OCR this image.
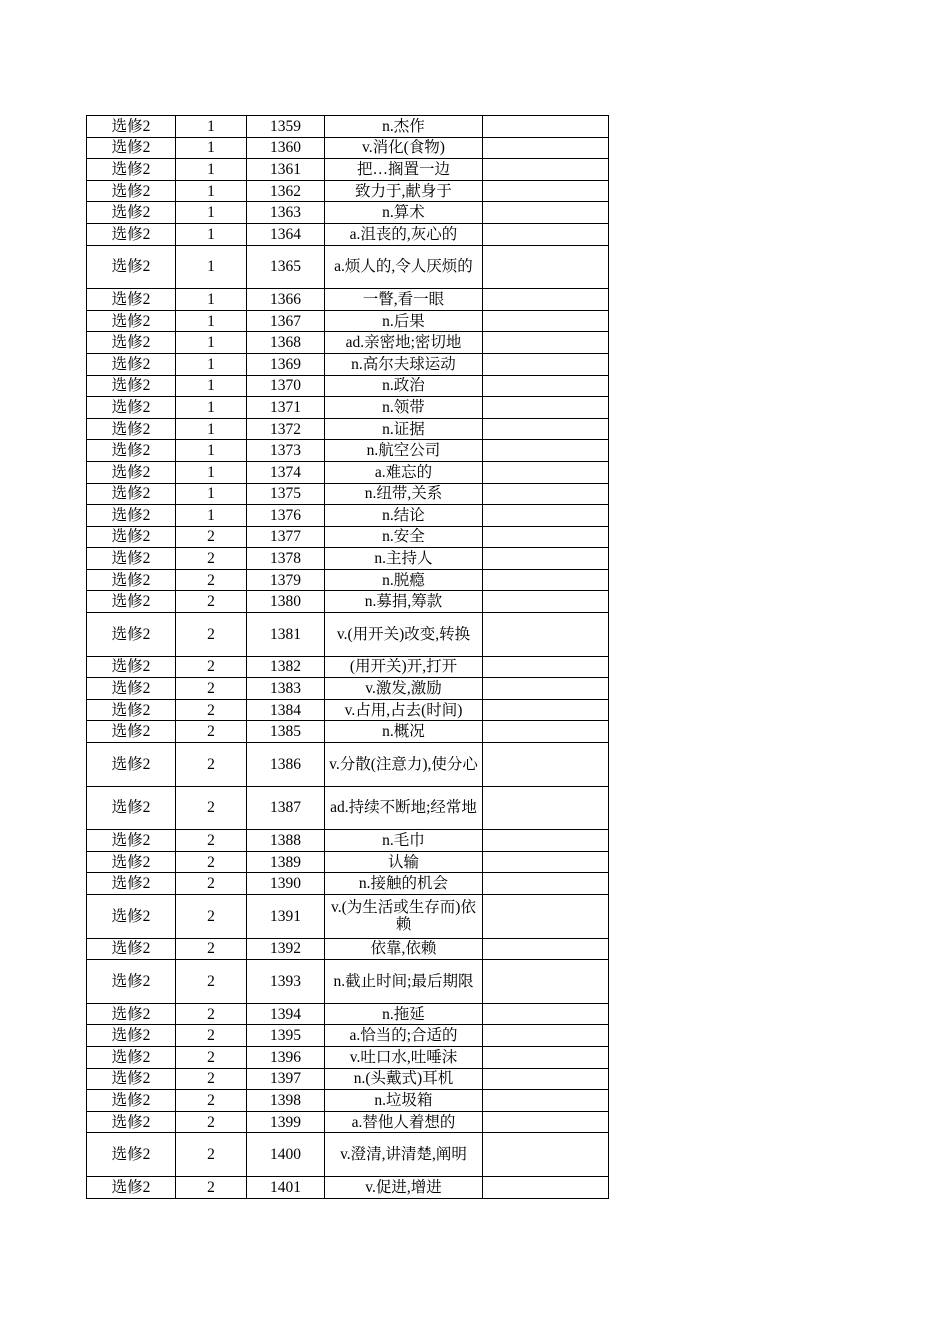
选修2	1	1359	n.杰作	
选修2	1	1360	v.消化(食物)	
选修2	1	1361	把…搁置一边	
选修2	1	1362	致力于,献身于	
选修2	1	1363	n.算术	
选修2	1	1364	a.沮丧的,灰心的	
选修2	1	1365	a.烦人的,令人厌烦的	
选修2	1	1366	一瞥,看一眼	
选修2	1	1367	n.后果	
选修2	1	1368	ad.亲密地;密切地	
选修2	1	1369	n.高尔夫球运动	
选修2	1	1370	n.政治	
选修2	1	1371	n.领带	
选修2	1	1372	n.证据	
选修2	1	1373	n.航空公司	
选修2	1	1374	a.难忘的	
选修2	1	1375	n.纽带,关系	
选修2	1	1376	n.结论	
选修2	2	1377	n.安全	
选修2	2	1378	n.主持人	
选修2	2	1379	n.脱瘾	
选修2	2	1380	n.募捐,筹款	
选修2	2	1381	v.(用开关)改变,转换	
选修2	2	1382	(用开关)开,打开	
选修2	2	1383	v.激发,激励	
选修2	2	1384	v.占用,占去(时间)	
选修2	2	1385	n.概况	
选修2	2	1386	v.分散(注意力),使分心	
选修2	2	1387	ad.持续不断地;经常地	
选修2	2	1388	n.毛巾	
选修2	2	1389	认输	
选修2	2	1390	n.接触的机会	
选修2	2	1391	v.(为生活或生存而)依赖	
选修2	2	1392	依靠,依赖	
选修2	2	1393	n.截止时间;最后期限	
选修2	2	1394	n.拖延	
选修2	2	1395	a.恰当的;合适的	
选修2	2	1396	v.吐口水,吐唾沫	
选修2	2	1397	n.(头戴式)耳机	
选修2	2	1398	n.垃圾箱	
选修2	2	1399	a.替他人着想的	
选修2	2	1400	v.澄清,讲清楚,阐明	
选修2	2	1401	v.促进,增进	
